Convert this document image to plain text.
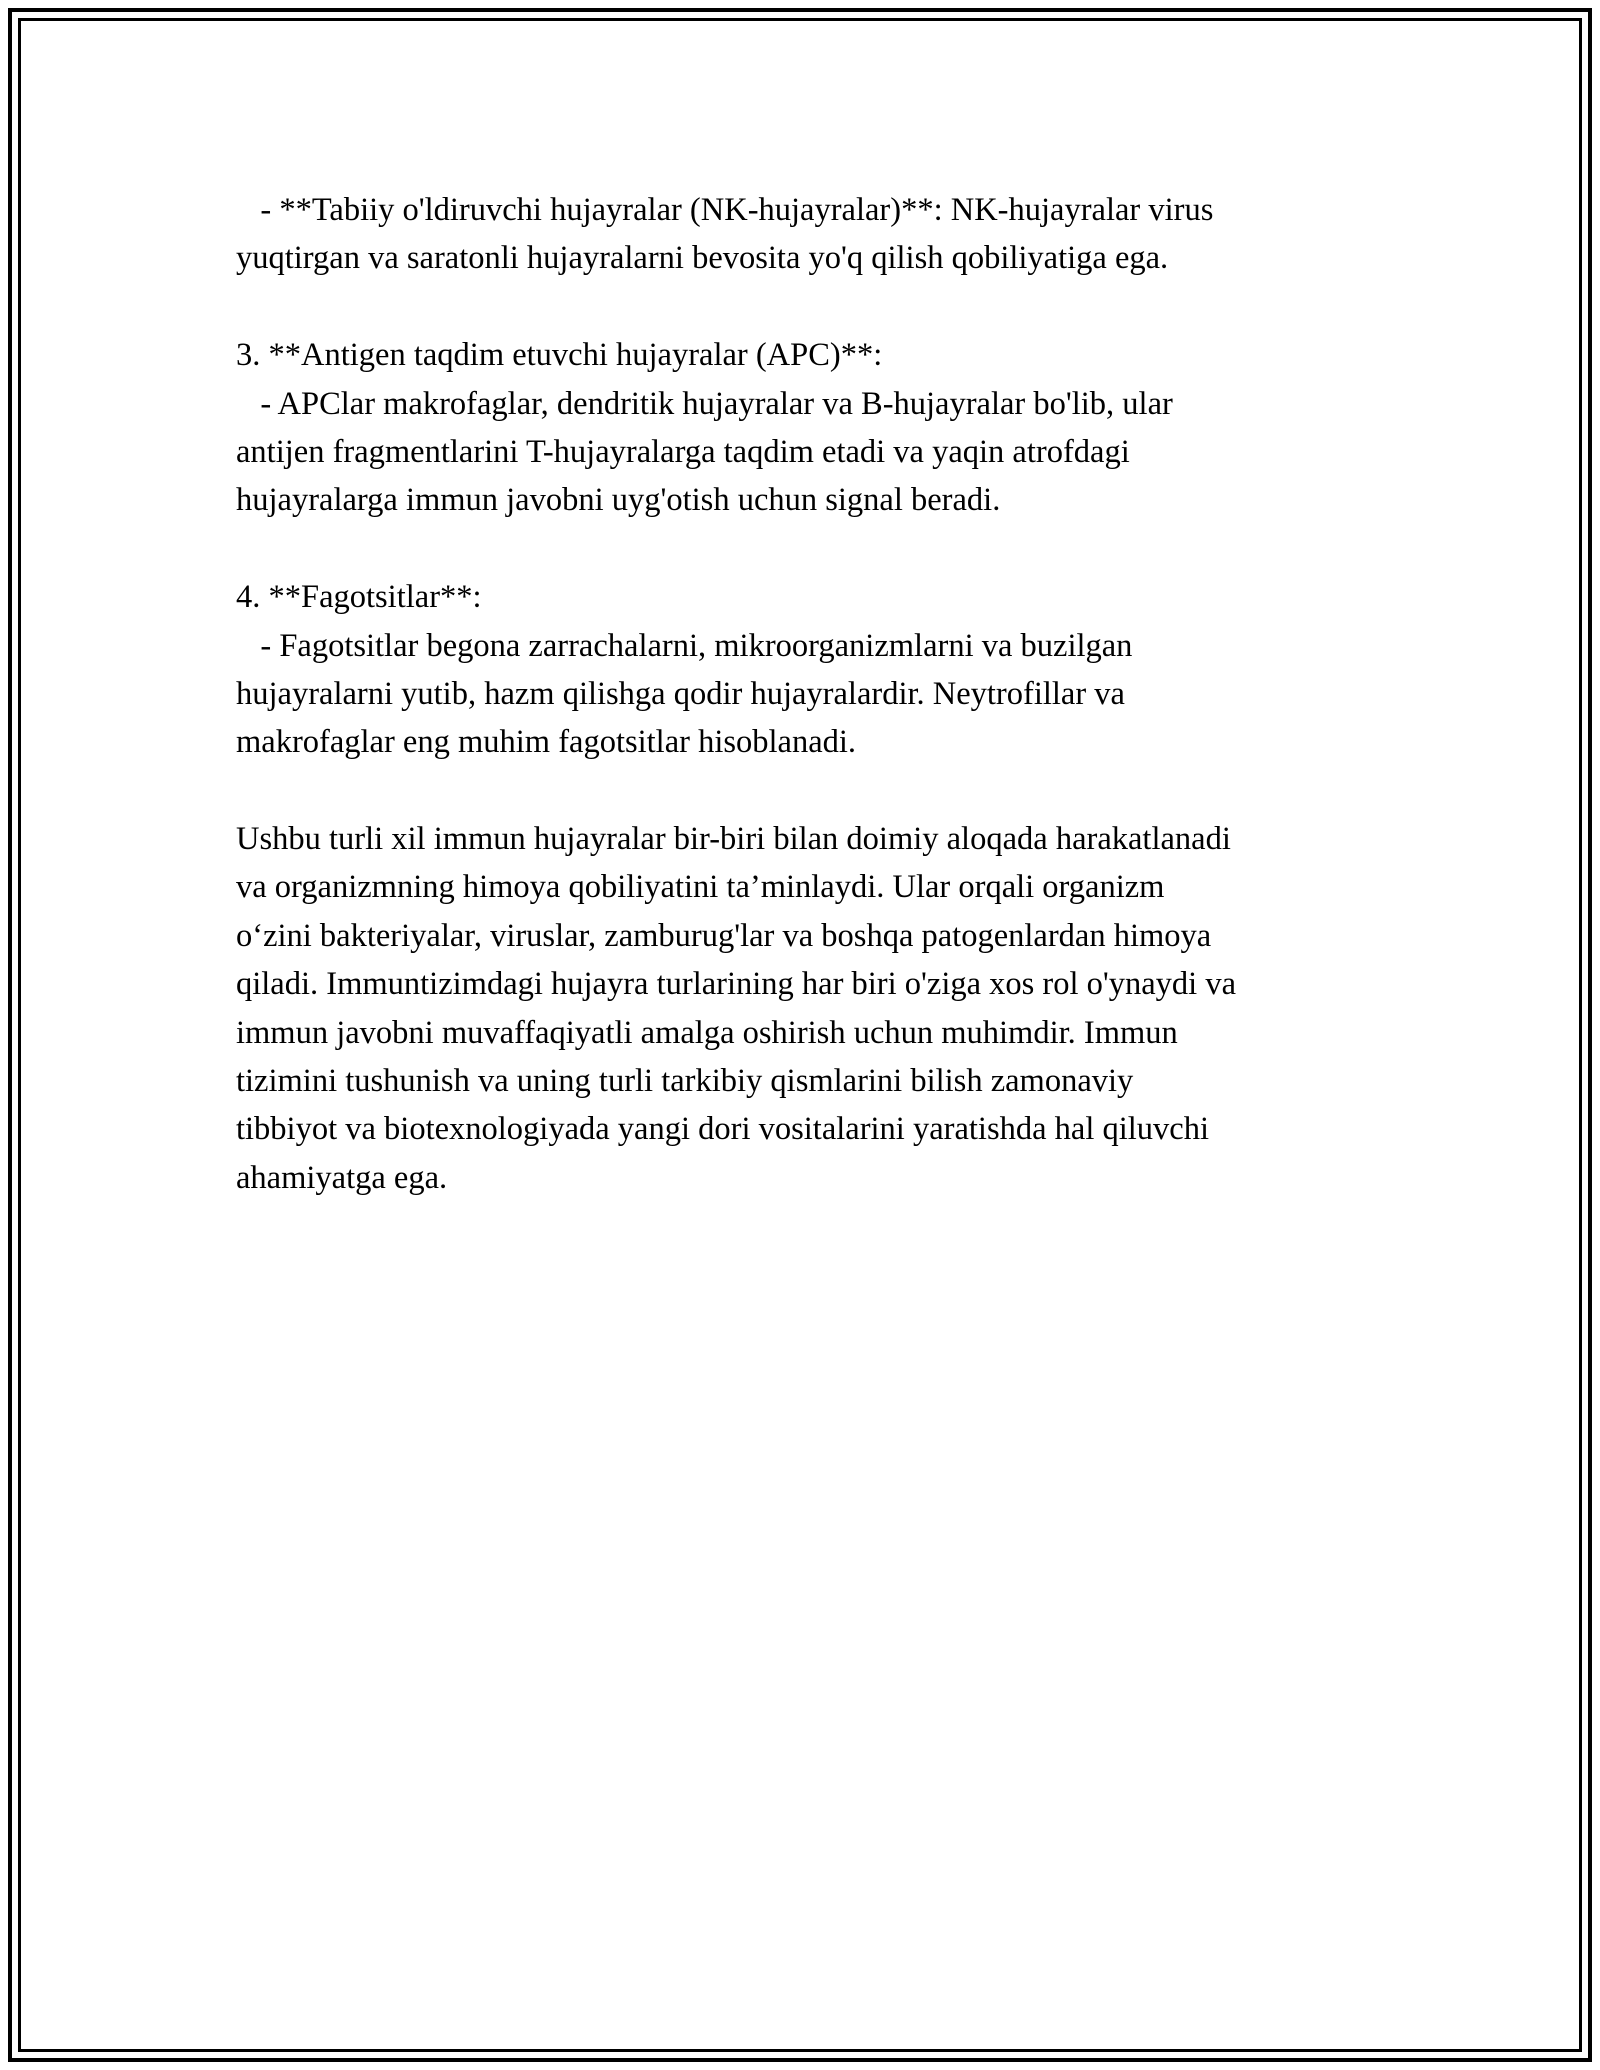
- **Tabiiy o'ldiruvchi hujayralar (NK-hujayralar)**: NK-hujayralar virus
yuqtirgan va saratonli hujayralarni bevosita yo'q qilish qobiliyatiga ega.
3. **Antigen taqdim etuvchi hujayralar (APC)**:
- APClar makrofaglar, dendritik hujayralar va B-hujayralar bo'lib, ular
antijen fragmentlarini T-hujayralarga taqdim etadi va yaqin atrofdagi
hujayralarga immun javobni uyg'otish uchun signal beradi.
4. **Fagotsitlar**:
- Fagotsitlar begona zarrachalarni, mikroorganizmlarni va buzilgan
hujayralarni yutib, hazm qilishga qodir hujayralardir. Neytrofillar va
makrofaglar eng muhim fagotsitlar hisoblanadi.
Ushbu turli xil immun hujayralar bir-biri bilan doimiy aloqada harakatlanadi
va organizmning himoya qobiliyatini ta’minlaydi. Ular orqali organizm
o‘zini bakteriyalar, viruslar, zamburug'lar va boshqa patogenlardan himoya
qiladi. Immuntizimdagi hujayra turlarining har biri o'ziga xos rol o'ynaydi va
immun javobni muvaffaqiyatli amalga oshirish uchun muhimdir. Immun
tizimini tushunish va uning turli tarkibiy qismlarini bilish zamonaviy
tibbiyot va biotexnologiyada yangi dori vositalarini yaratishda hal qiluvchi
ahamiyatga ega.
